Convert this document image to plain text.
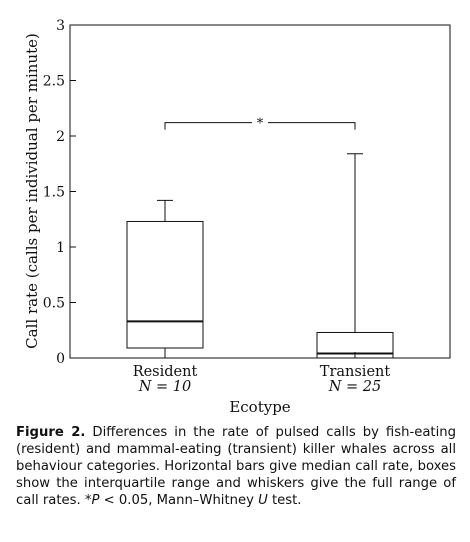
0
0.5
1
1.5
2
2.5
3
*
Call rate (calls per individual per minute)
Ecotype
Resident
N = 10
Transient
N = 25
Figure 2. Differences in the rate of pulsed calls by fish-eating (resident) and mammal-eating (transient) killer whales across all behaviour categories. Horizontal bars give median call rate, boxes show the interquartile range and whiskers give the full range of call rates. *P < 0.05, Mann–Whitney U test.
